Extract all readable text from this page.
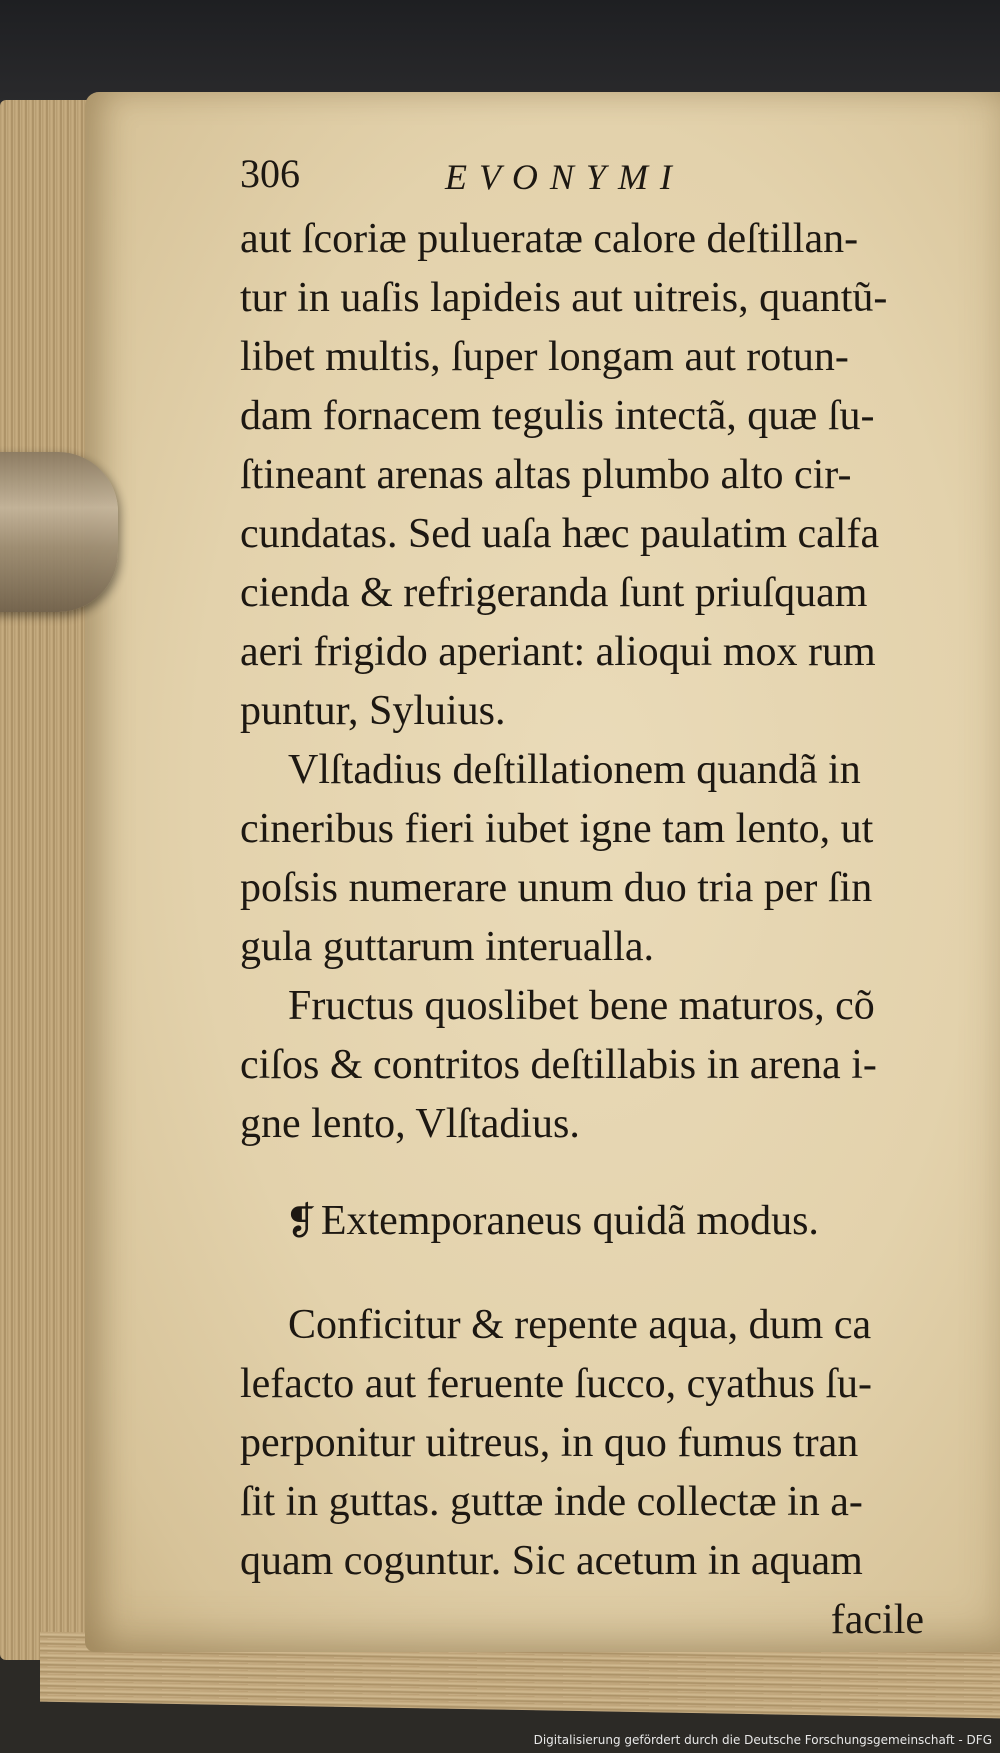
306	EVONYMI
aut ſcoriæ pulueratæ calore deſtillan-
tur in uaſis lapideis aut uitreis, quantũ-
libet multis, ſuper longam aut rotun-
dam fornacem tegulis intectã, quæ ſu-
ſtineant arenas altas plumbo alto cir-
cundatas. Sed uaſa hæc paulatim calfa
cienda & refrigeranda ſunt priuſquam
aeri frigido aperiant: alioqui mox rum
puntur, Syluius.
Vlſtadius deſtillationem quandã in
cineribus fieri iubet igne tam lento, ut
poſsis numerare unum duo tria per ſin
gula guttarum interualla.
Fructus quoslibet bene maturos, cõ
ciſos & contritos deſtillabis in arena i-
gne lento, Vlſtadius.
❡Extemporaneus quidã modus.
Conficitur & repente aqua, dum ca
lefacto aut feruente ſucco, cyathus ſu-
perponitur uitreus, in quo fumus tran
ſit in guttas. guttæ inde collectæ in a-
quam coguntur. Sic acetum in aquam
facile
Digitalisierung gefördert durch die Deutsche Forschungsgemeinschaft - DFG
